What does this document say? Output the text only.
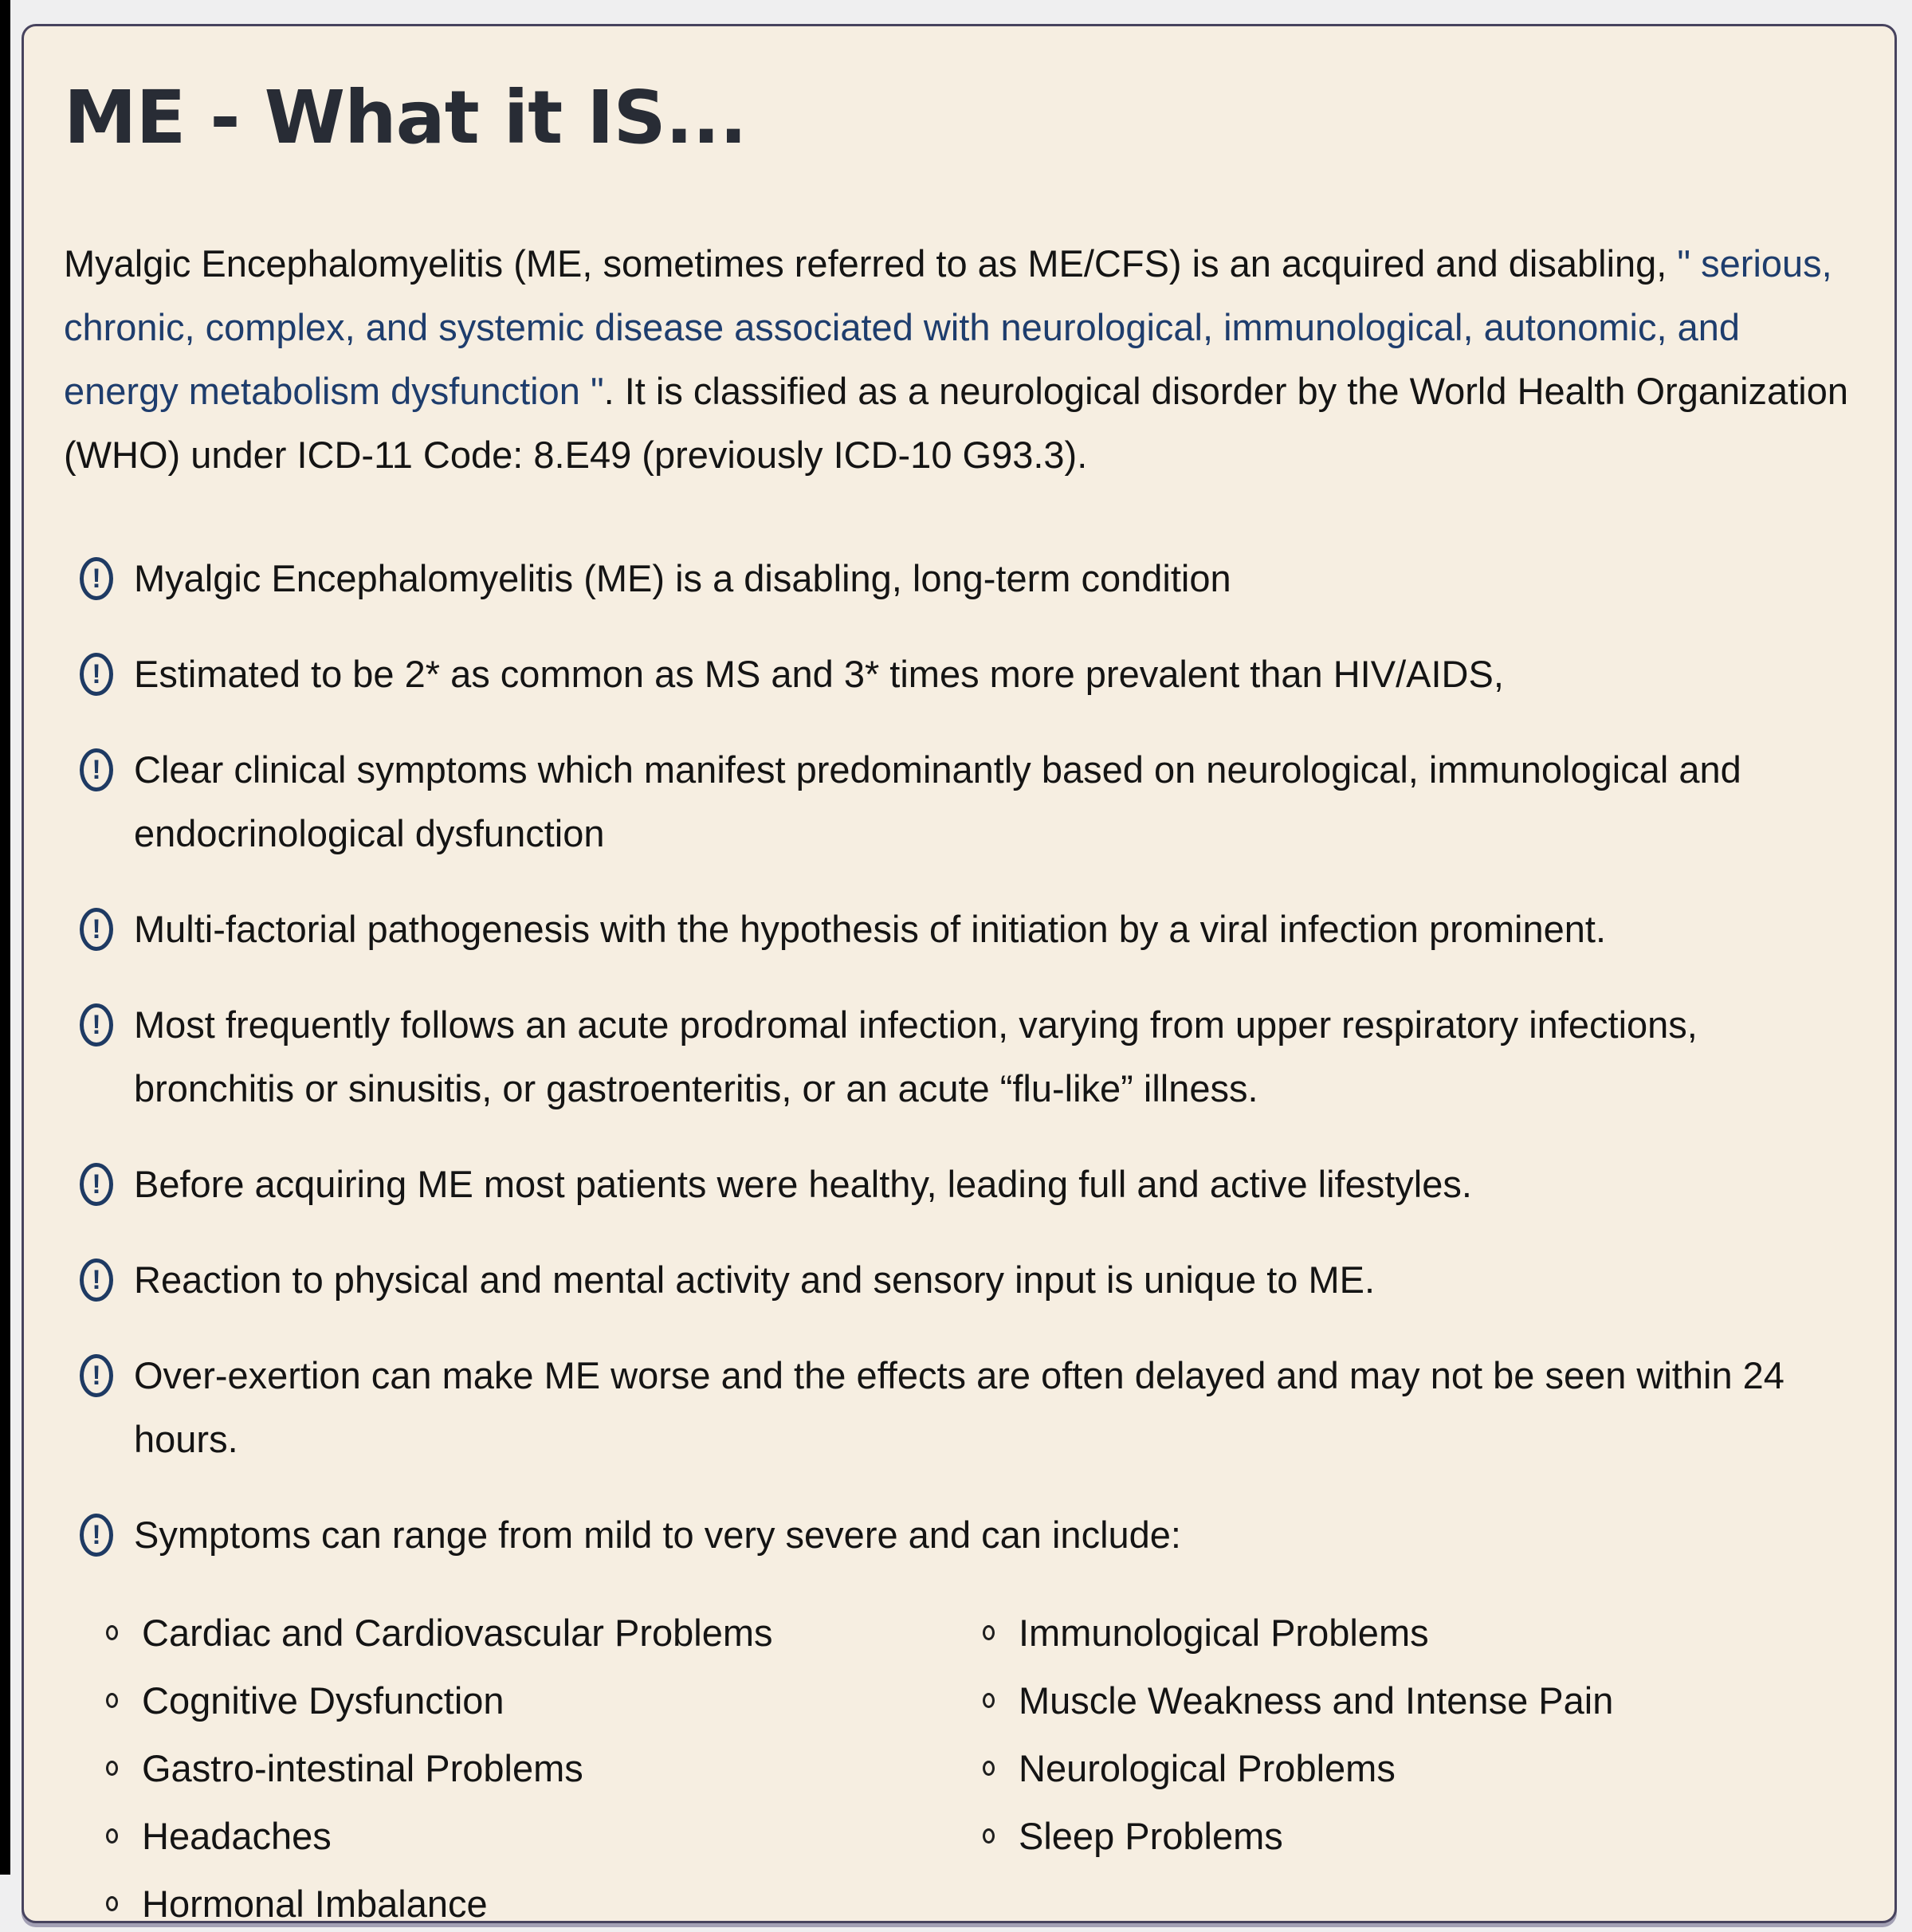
ME - What it IS...

Myalgic Encephalomyelitis (ME, sometimes referred to as ME/CFS) is an acquired and disabling, " serious, chronic, complex, and systemic disease associated with neurological, immunological, autonomic, and energy metabolism dysfunction ". It is classified as a neurological disorder by the World Health Organization (WHO) under ICD-11 Code: 8.E49 (previously ICD-10 G93.3).

! Myalgic Encephalomyelitis (ME) is a disabling, long-term condition
! Estimated to be 2* as common as MS and 3* times more prevalent than HIV/AIDS,
! Clear clinical symptoms which manifest predominantly based on neurological, immunological and endocrinological dysfunction
! Multi-factorial pathogenesis with the hypothesis of initiation by a viral infection prominent.
! Most frequently follows an acute prodromal infection, varying from upper respiratory infections, bronchitis or sinusitis, or gastroenteritis, or an acute “flu-like” illness.
! Before acquiring ME most patients were healthy, leading full and active lifestyles.
! Reaction to physical and mental activity and sensory input is unique to ME.
! Over-exertion can make ME worse and the effects are often delayed and may not be seen within 24 hours.
! Symptoms can range from mild to very severe and can include:
Cardiac and Cardiovascular Problems
Cognitive Dysfunction
Gastro-intestinal Problems
Headaches
Hormonal Imbalance
Immunological Problems
Muscle Weakness and Intense Pain
Neurological Problems
Sleep Problems
